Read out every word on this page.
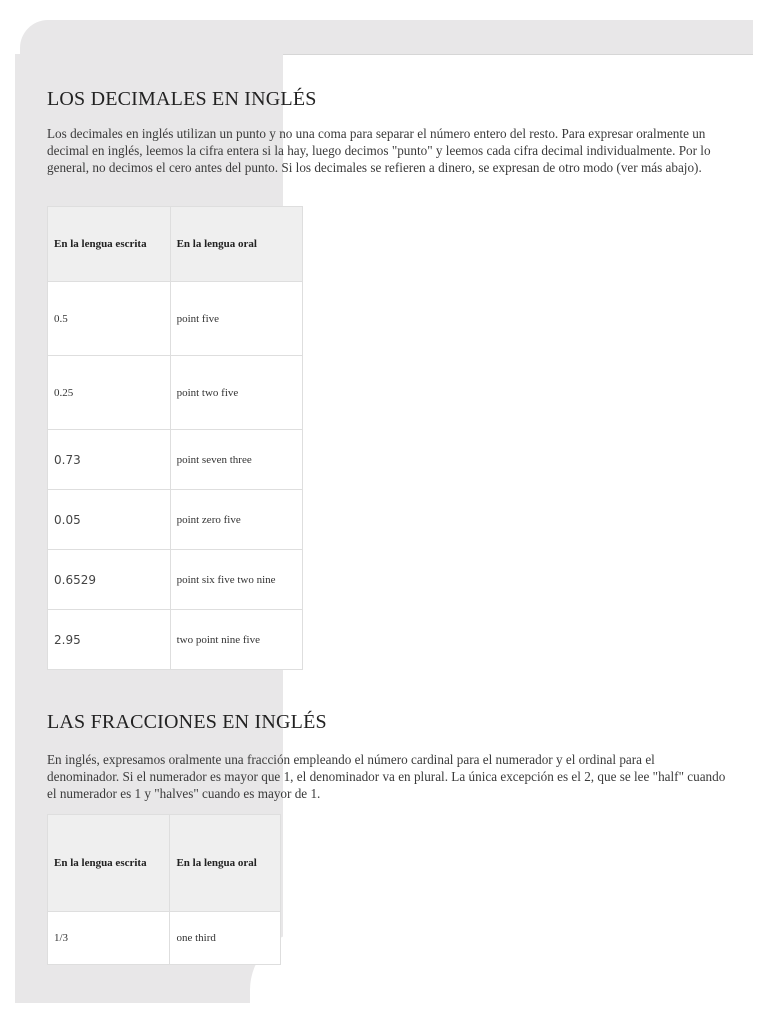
LOS DECIMALES EN INGLÉS

Los decimales en inglés utilizan un punto y no una coma para separar el número entero del resto. Para expresar oralmente un decimal en inglés, leemos la cifra entera si la hay, luego decimos "punto" y leemos cada cifra decimal individualmente. Por lo general, no decimos el cero antes del punto. Si los decimales se refieren a dinero, se expresan de otro modo (ver más abajo).

En la lengua escrita	En la lengua oral
0.5	point five
0.25	point two five
0.73	point seven three
0.05	point zero five
0.6529	point six five two nine
2.95	two point nine five
LAS FRACCIONES EN INGLÉS

En inglés, expresamos oralmente una fracción empleando el número cardinal para el numerador y el ordinal para el denominador. Si el numerador es mayor que 1, el denominador va en plural. La única excepción es el 2, que se lee "half" cuando el numerador es 1 y "halves" cuando es mayor de 1.

En la lengua escrita	En la lengua oral
1/3	one third
